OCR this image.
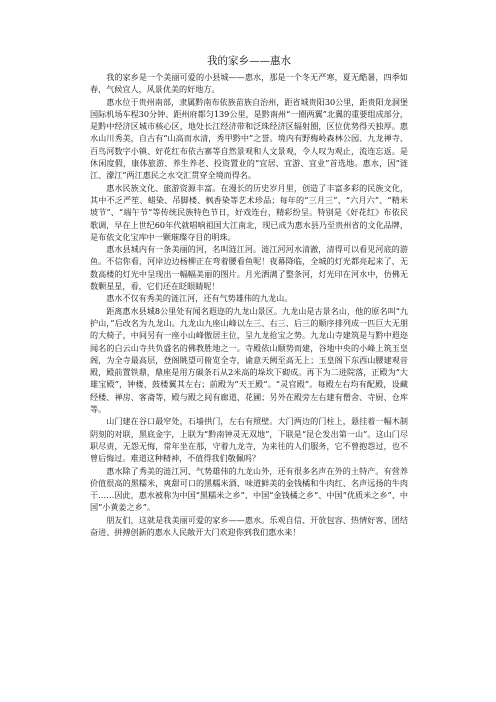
我的家乡——惠水

我的家乡是一个美丽可爱的小县城——惠水，那是一个冬无严寒，夏无酷暑，四季如春，气候宜人，风景优美的好地方。

惠水位于贵州南部，隶属黔南布依族苗族自治州，距省城贵阳30公里，距贵阳龙洞堡国际机场车程30分钟、距州府都匀139公里，是黔南州“一圈两翼”北翼的重要组成部分，是黔中经济区城市核心区，地处长江经济带和泛珠经济区辐射圈，区位优势得天独厚。惠水山川秀美，自古有“山高而水清，秀甲黔中”之誉。境内有野梅岭森林公园、九龙禅寺、百鸟河数字小镇、好花红布依古寨等自然景观和人文景观，令人叹为观止，流连忘返。是休闲度假，康体旅游、养生养老、投资置业的“宜居、宜游、宜业”首选地。惠水，因“涟江、濛江”两江惠民之水交汇贯穿全境而得名。

惠水民族文化、旅游资源丰富。在漫长的历史岁月里，创造了丰富多彩的民族文化，其中不乏严笙、蜡染、吊脚楼、枫香染等艺术珍品；每年的“三月三”、“六月六”、“精米坡节”、“端午节”等传统民族特色节日，好戏连台，精彩纷呈。特别是《好花红》布依民歌调，早在上世纪60年代就唱响祖国大江南北，现已成为惠水县乃至贵州省的文化品牌，是布依文化宝库中一颗璀璨夺目的明珠。

惠水县城内有一条美丽的河，名叫涟江河。涟江河河水清澈，清得可以看见河底的游鱼。不信你看，河岸边边杨柳正在弯着腰看鱼呢！夜幕降临，全城的灯光都亮起来了，无数高楼的灯光中呈现出一幅幅美丽的图片。月光洒满了整条河，灯光印在河水中，仿佛无数颗星星，看，它们还在眨眼睛呢！

惠水不仅有秀美的涟江河，还有气势雄伟的九龙山。

距离惠水县城8公里处有闻名遐迩的九龙山景区。九龙山是古景名山，他的原名叫“九护山，”后改名为九龙山。九龙山九座山峰以左三、右三、后三的顺序排列成一匹巨大无朋的大椅子，中间另有一座小山峰傲居主位，呈九龙抢宝之势。九龙山寺建筑是与黔中遐迩闻名的白云山寺共负盛名的佛教胜地之一。寺殿依山顺势而建，谷地中央的小峰上筑玉皇阁，为全寺最高层，登阁眺望可俯览全寺，谕意天阙至高无上；玉皇阁下东西山腰建观音殿，殿前置铁鼎，鼎座是用方碳条石从2米高的垛坎下砌成。再下为二进院落，正殿为“大雄宝殿”，钟楼、鼓楼翼其左右；前殿为“天王殿”。“灵官殿”。每殿左右均有配殿，设藏经楼、禅房、客斋等，殿与殿之间有廊道、花圃；另外在殿旁左右建有僧舍、寺厨、仓库等。

山门建在谷口最窄处，石墙拱门，左右有照壁。大门两边的门柱上，悬挂着一幅木制阴刻的对联，黑底金字，上联为“黔南钟灵无双地”，下联是“昆仑发出第一山”。这山门尽职尽责，无怨无悔，常年坐在那，守着九龙寺，为来往的人们服务，它不曾抱怨过，也不曾后悔过。难道这种精神，不值得我们敬佩吗？

惠水除了秀美的涟江河、气势雄伟的九龙山外，还有很多名声在外的土特产。有营养价值很高的黑糯米，爽甜可口的黑糯米酒、味道鲜美的金钱橘和牛肉红、名声远扬的牛肉干……因此，惠水被称为中国“黑糯米之乡”、中国“金钱橘之乡”、中国“优质米之乡”、中国“小黄姜之乡”。

朋友们，这就是我美丽可爱的家乡——惠水。乐观自信、开放包容、热情好客、团结奋进、拼搏创新的惠水人民敞开大门欢迎你到我们惠水来！
